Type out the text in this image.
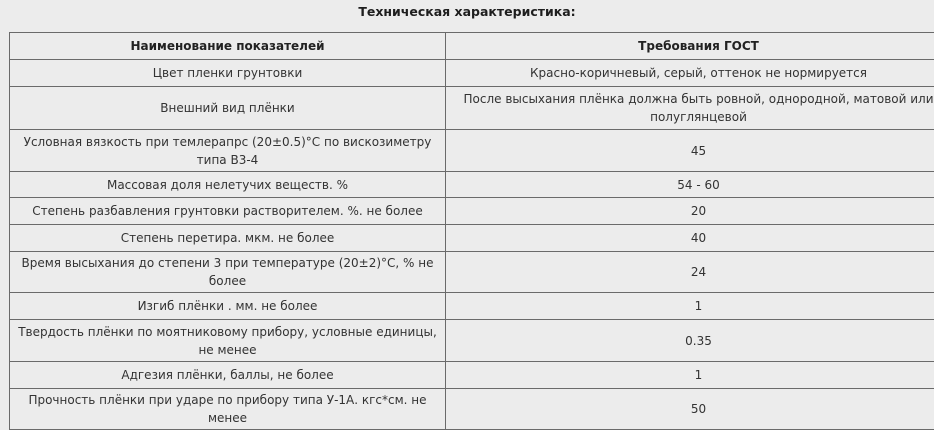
Техническая характеристика:
Наименование показателей	Требования ГОСТ
Цвет пленки грунтовки	Красно-коричневый, серый, оттенок не нормируется
Внешний вид плёнки	После высыхания плёнка должна быть ровной, однородной, матовой или полуглянцевой
Условная вязкость при темлерапрс (20±0.5)°С по вискозиметру типа В3-4	45
Массовая доля нелетучих веществ. %	54 - 60
Степень разбавления грунтовки растворителем. %. не более	20
Степень перетира. мкм. не более	40
Время высыхания до степени 3 при температуре (20±2)°С, % не более	24
Изгиб плёнки . мм. не более	1
Твердость плёнки по моятниковому прибору, условные единицы, не менее	0.35
Адгезия плёнки, баллы, не более	1
Прочность плёнки при ударе по прибору типа У-1А. кгс*см. не менее	50
